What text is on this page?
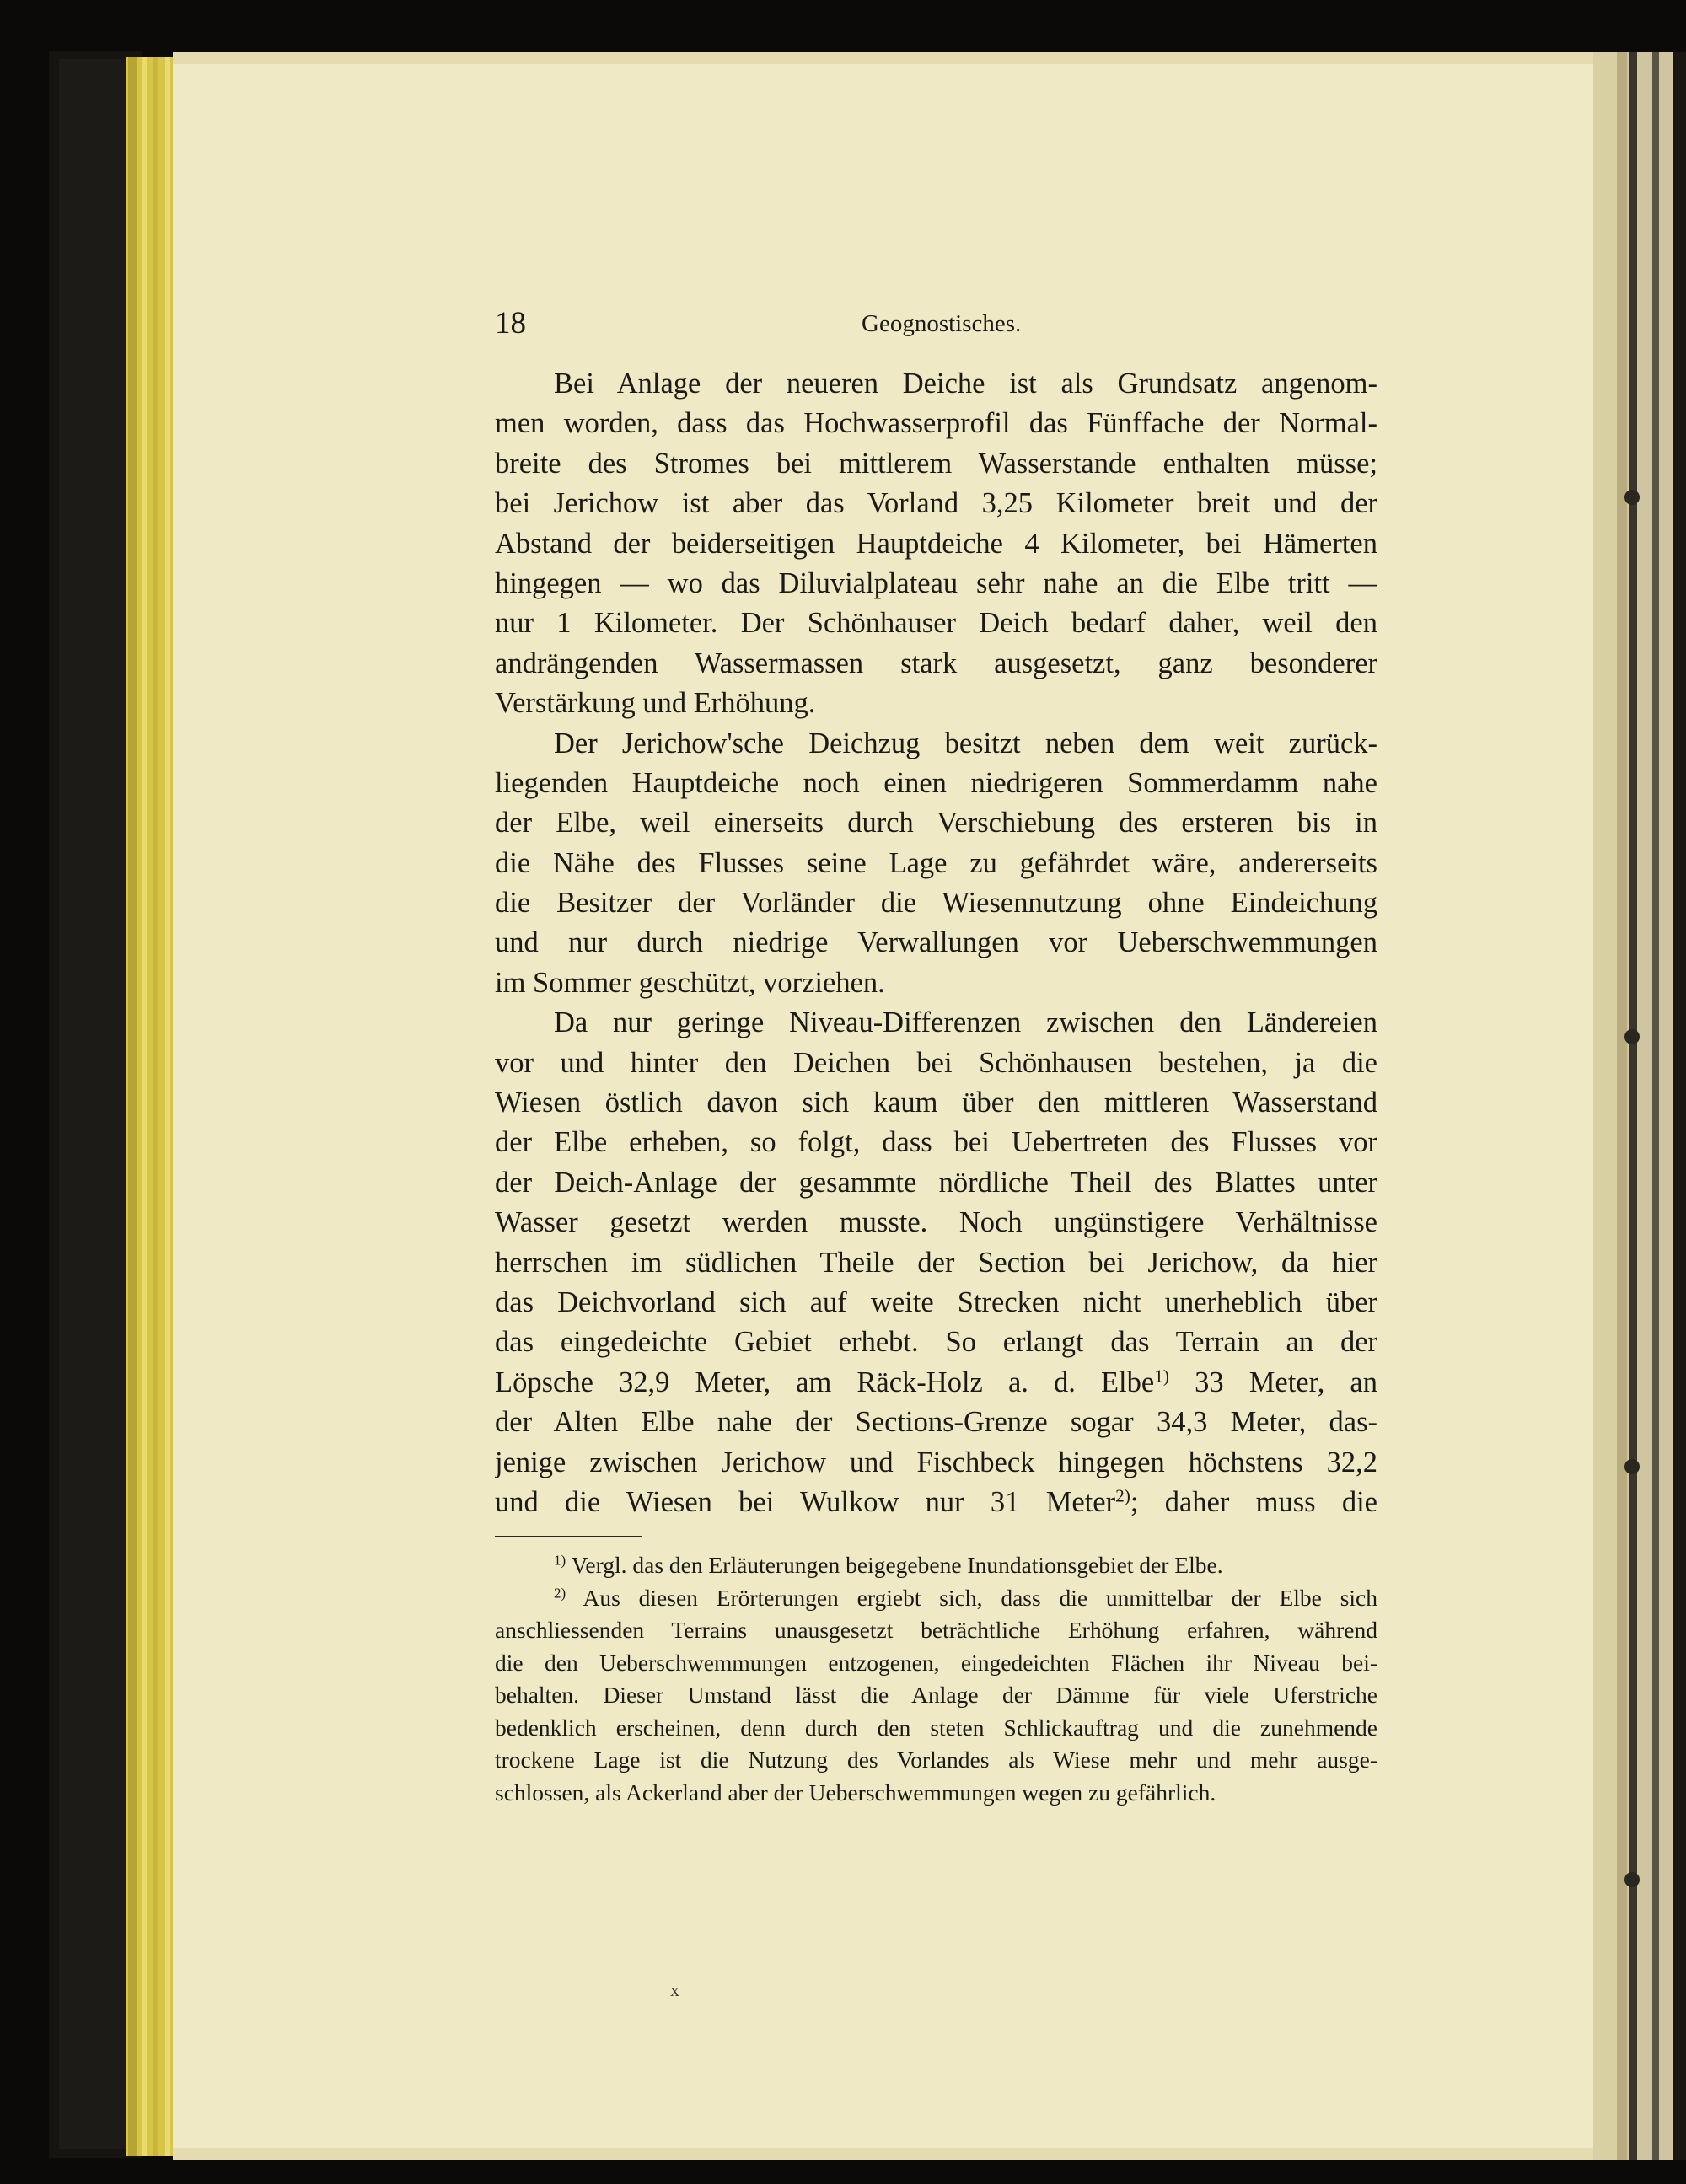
x
18	Geognostisches.
Bei Anlage der neueren Deiche ist als Grundsatz angenom-
men worden, dass das Hochwasserprofil das Fünffache der Normal-
breite des Stromes bei mittlerem Wasserstande enthalten müsse;
bei Jerichow ist aber das Vorland 3,25 Kilometer breit und der
Abstand der beiderseitigen Hauptdeiche 4 Kilometer, bei Hämerten
hingegen — wo das Diluvialplateau sehr nahe an die Elbe tritt —
nur 1 Kilometer. Der Schönhauser Deich bedarf daher, weil den
andrängenden Wassermassen stark ausgesetzt, ganz besonderer
Verstärkung und Erhöhung.
Der Jerichow'sche Deichzug besitzt neben dem weit zurück-
liegenden Hauptdeiche noch einen niedrigeren Sommerdamm nahe
der Elbe, weil einerseits durch Verschiebung des ersteren bis in
die Nähe des Flusses seine Lage zu gefährdet wäre, andererseits
die Besitzer der Vorländer die Wiesennutzung ohne Eindeichung
und nur durch niedrige Verwallungen vor Ueberschwemmungen
im Sommer geschützt, vorziehen.
Da nur geringe Niveau-Differenzen zwischen den Ländereien
vor und hinter den Deichen bei Schönhausen bestehen, ja die
Wiesen östlich davon sich kaum über den mittleren Wasserstand
der Elbe erheben, so folgt, dass bei Uebertreten des Flusses vor
der Deich-Anlage der gesammte nördliche Theil des Blattes unter
Wasser gesetzt werden musste. Noch ungünstigere Verhältnisse
herrschen im südlichen Theile der Section bei Jerichow, da hier
das Deichvorland sich auf weite Strecken nicht unerheblich über
das eingedeichte Gebiet erhebt. So erlangt das Terrain an der
Löpsche 32,9 Meter, am Räck-Holz a. d. Elbe$^{1)}$ 33 Meter, an
der Alten Elbe nahe der Sections-Grenze sogar 34,3 Meter, das-
jenige zwischen Jerichow und Fischbeck hingegen höchstens 32,2
und die Wiesen bei Wulkow nur 31 Meter$^{2)}$; daher muss die
$^{1)}$ Vergl. das den Erläuterungen beigegebene Inundationsgebiet der Elbe.
$^{2)}$ Aus diesen Erörterungen ergiebt sich, dass die unmittelbar der Elbe sich
anschliessenden Terrains unausgesetzt beträchtliche Erhöhung erfahren, während
die den Ueberschwemmungen entzogenen, eingedeichten Flächen ihr Niveau bei-
behalten. Dieser Umstand lässt die Anlage der Dämme für viele Uferstriche
bedenklich erscheinen, denn durch den steten Schlickauftrag und die zunehmende
trockene Lage ist die Nutzung des Vorlandes als Wiese mehr und mehr ausge-
schlossen, als Ackerland aber der Ueberschwemmungen wegen zu gefährlich.
